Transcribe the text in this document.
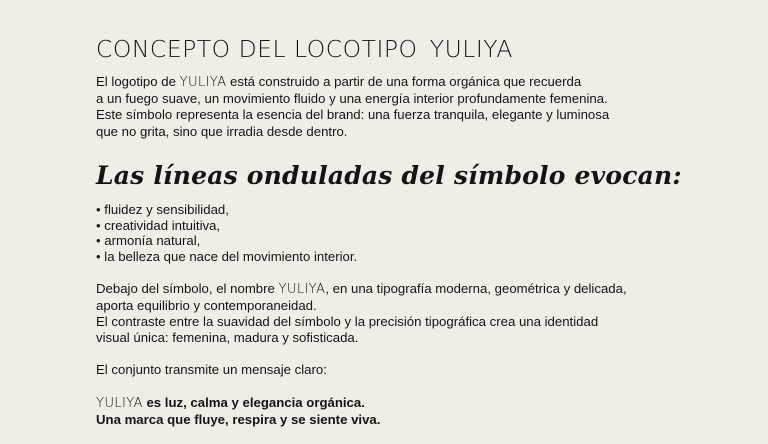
CONCEPTO DEL LOCOTIPO YULIYA

El logotipo de YULIYA está construido a partir de una forma orgánica que recuerda
a un fuego suave, un movimiento fluido y una energía interior profundamente femenina.
Este símbolo representa la esencia del brand: una fuerza tranquila, elegante y luminosa
que no grita, sino que irradia desde dentro.

Las líneas onduladas del símbolo evocan:
• fluidez y sensibilidad,
• creatividad intuitiva,
• armonía natural,
• la belleza que nace del movimiento interior.

Debajo del símbolo, el nombre YULIYA, en una tipografía moderna, geométrica y delicada,
aporta equilibrio y contemporaneidad.
El contraste entre la suavidad del símbolo y la precisión tipográfica crea una identidad
visual única: femenina, madura y sofisticada.

El conjunto transmite un mensaje claro:

YULIYA es luz, calma y elegancia orgánica.
Una marca que fluye, respira y se siente viva.
